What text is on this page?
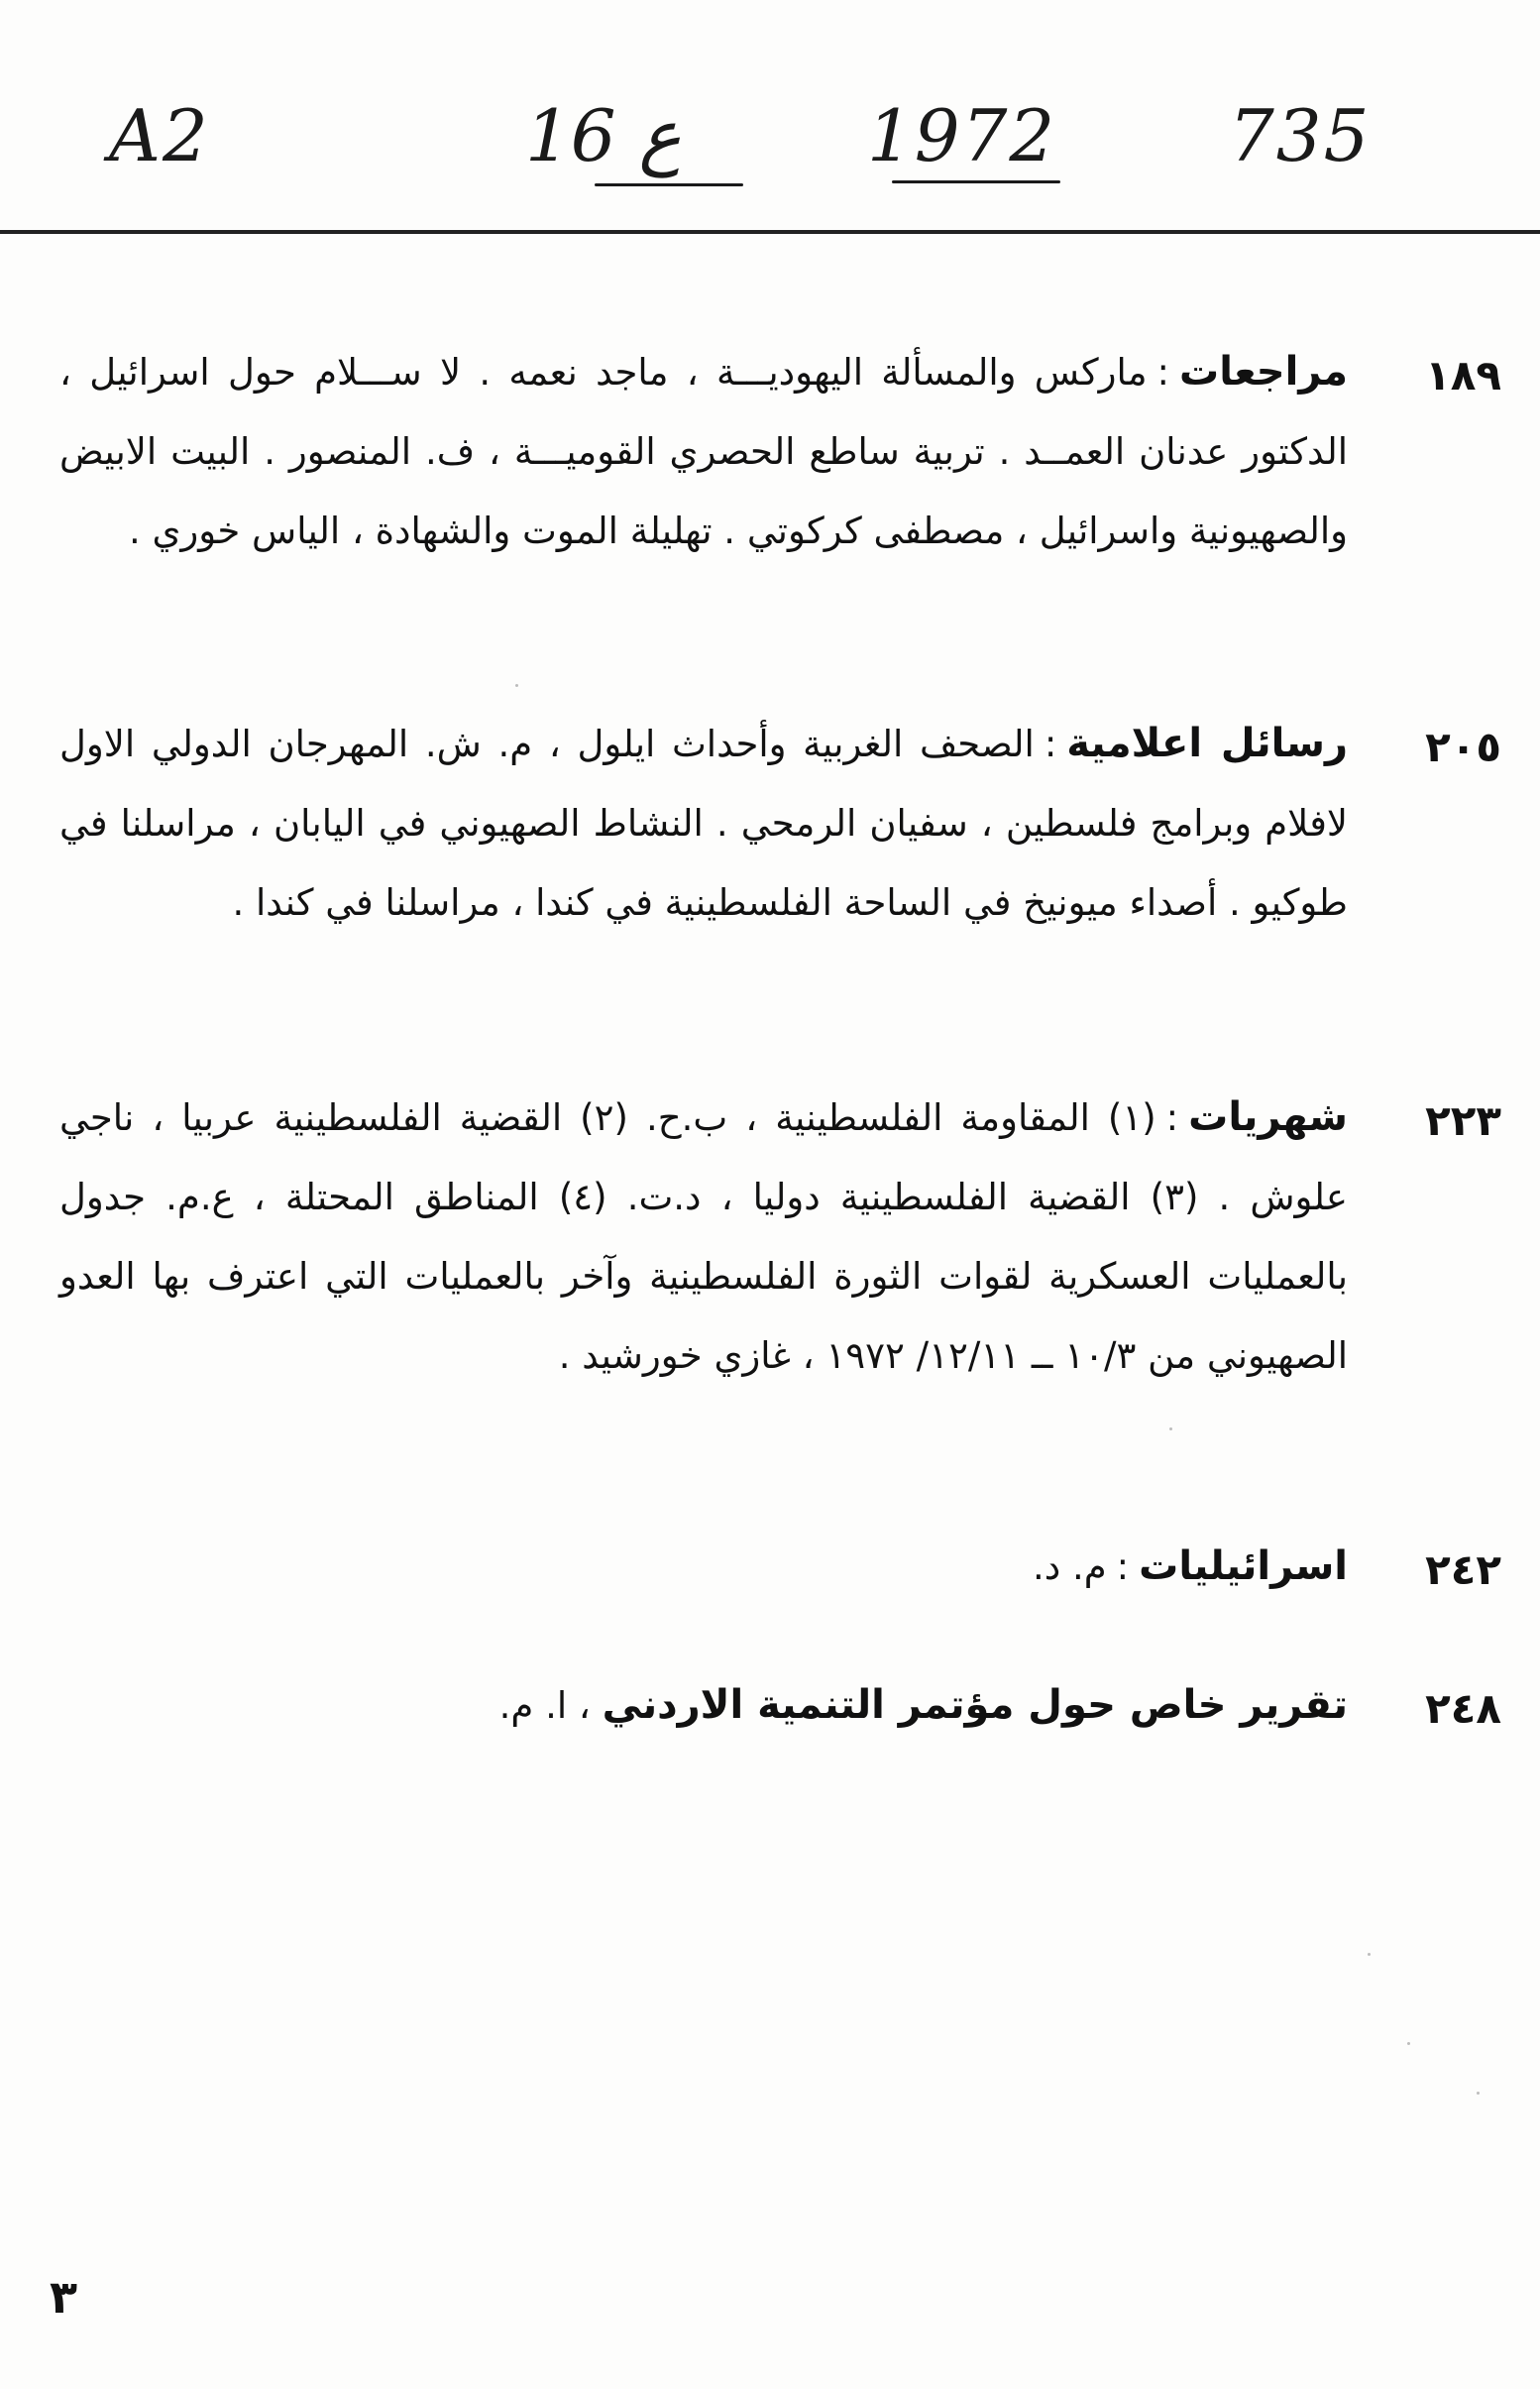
A2	16 ع	1972 735
١٨٩
مراجعات:ماركس والمسألة اليهوديـــة ، ماجد نعمه . لا ســـلام حول اسرائيل ، الدكتور عدنان العمــد . تربية ساطع الحصري القوميـــة ، ف. المنصور . البيت الابيض والصهيونية واسرائيل ، مصطفى كركوتي . تهليلة الموت والشهادة ، الياس خوري .
٢٠٥
رسائل اعلامية:الصحف الغربية وأحداث ايلول ، م. ش. المهرجان الدولي الاول لافلام وبرامج فلسطين ، سفيان الرمحي . النشاط الصهيوني في اليابان ، مراسلنا في طوكيو . أصداء ميونيخ في الساحة الفلسطينية في كندا ، مراسلنا في كندا .
٢٢٣
شهريات:(١) المقاومة الفلسطينية ، ب.ح. (٢) القضية الفلسطينية عربيا ، ناجي علوش . (٣) القضية الفلسطينية دوليا ، د.ت. (٤) المناطق المحتلة ، ع.م. جدول بالعمليات العسكرية لقوات الثورة الفلسطينية وآخر بالعمليات التي اعترف بها العدو الصهيوني من ١٠/٣ ــ ١٢/١١/ ١٩٧٢ ، غازي خورشيد .
٢٤٢
اسرائيليات:م. د.
٢٤٨
تقرير خاص حول مؤتمر التنمية الاردني ، ا. م.
٣
